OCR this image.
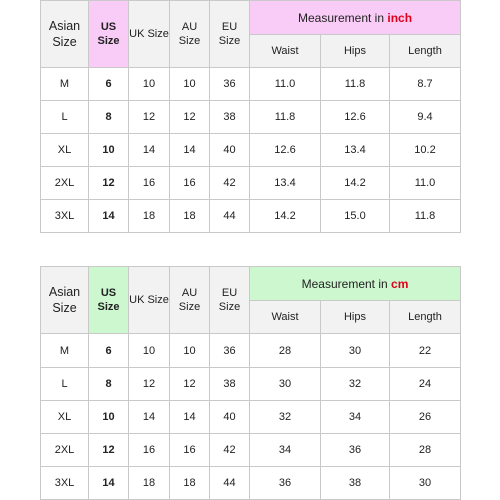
Asian Size	US Size	UK Size	AU Size	EU Size	Measurement in inch		
					Waist	Hips	Length
M	6	10	10	36	11.0	11.8	8.7
L	8	12	12	38	11.8	12.6	9.4
XL	10	14	14	40	12.6	13.4	10.2
2XL	12	16	16	42	13.4	14.2	11.0
3XL	14	18	18	44	14.2	15.0	11.8
Asian Size	US Size	UK Size	AU Size	EU Size	Measurement in cm		
					Waist	Hips	Length
M	6	10	10	36	28	30	22
L	8	12	12	38	30	32	24
XL	10	14	14	40	32	34	26
2XL	12	16	16	42	34	36	28
3XL	14	18	18	44	36	38	30
